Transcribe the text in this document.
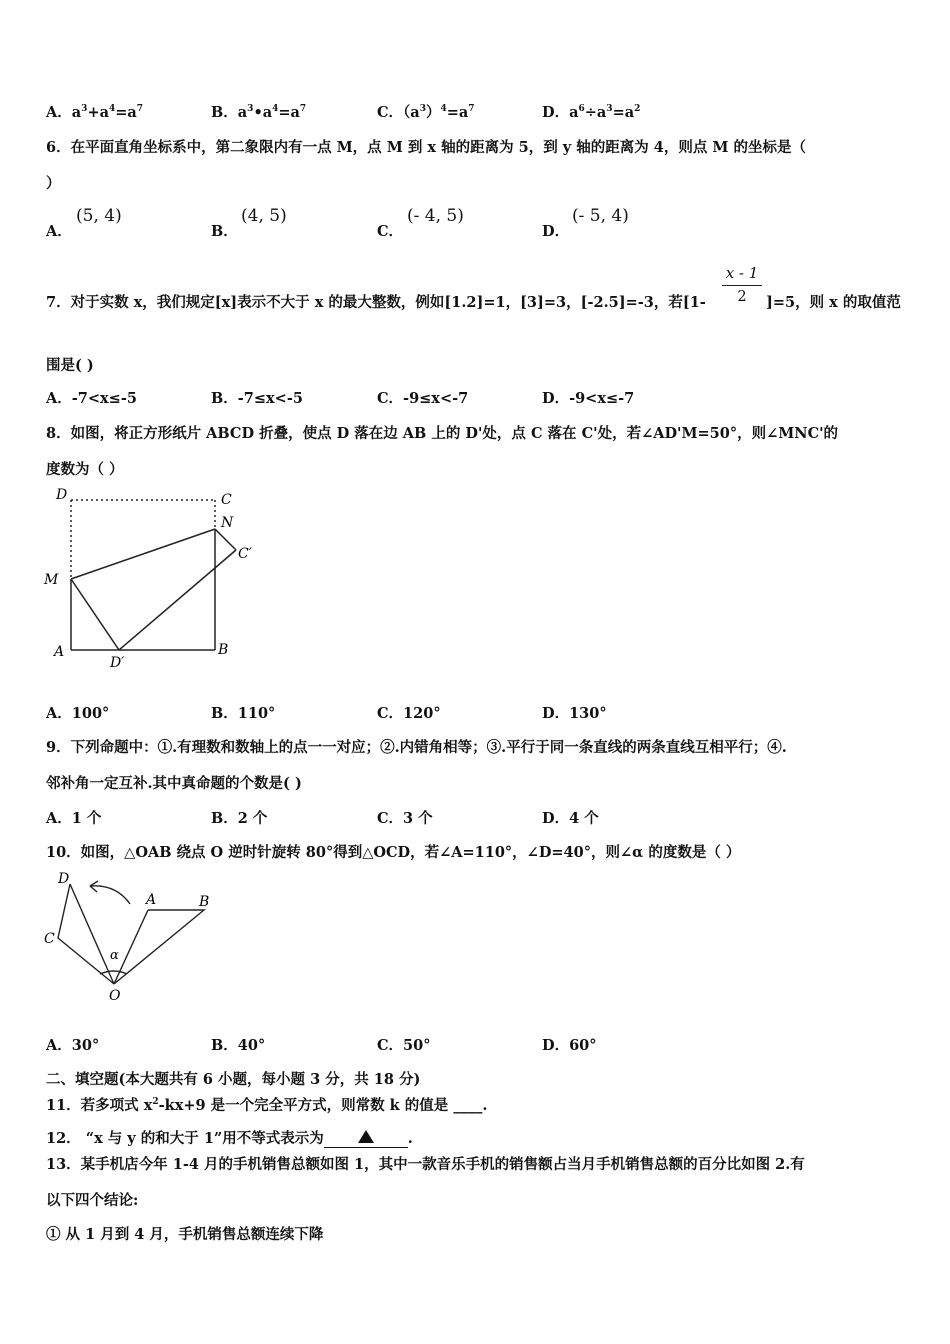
A．$a^3+a^4=a^7$	B．$a^3•a^4=a^7$	C．$(a^3)^4=a^7$	D．$a^6\div a^3=a^2$
6．在平面直角坐标系中，第二象限内有一点 M，点 M 到 x 轴的距离为 5，到 y 轴的距离为 4，则点 M 的坐标是（
）
A．
(5, 4)
B．
(4, 5)
C．
(- 4, 5)
D．
(- 5, 4)
7．对于实数 x，我们规定[x]表示不大于 x 的最大整数，例如[1.2]=1，[3]=3，[-2.5]=-3，若[1-
x - 1
2	]=5，则 x 的取值范
围是( )
A．-7<x≤-5	B．-7≤x<-5	C．-9≤x<-7	D．-9<x≤-7
8．如图，将正方形纸片 ABCD 折叠，使点 D 落在边 AB 上的 D'处，点 C 落在 C'处，若∠AD'M=50°，则∠MNC'的
度数为（ ）
D	C
N
C′
M
A
D′
B
A．100°	B．110°	C．120°	D．130°
9．下列命题中：①.有理数和数轴上的点一一对应；②.内错角相等；③.平行于同一条直线的两条直线互相平行；④.
邻补角一定互补.其中真命题的个数是( )
A．1 个	B．2 个	C．3 个	D．4 个
10．如图，△OAB 绕点 O 逆时针旋转 80°得到△OCD，若∠A=110°，∠D=40°，则∠α 的度数是（ ）
D
A	B
C
α
O
A．30°	B．40°	C．50°	D．60°
二、填空题(本大题共有 6 小题，每小题 3 分，共 18 分)
11．若多项式 $x^2-kx+9$ 是一个完全平方式，则常数 k 的值是 ____.
12． “x 与 y 的和大于 1”用不等式表示为	.
13．某手机店今年 1-4 月的手机销售总额如图 1，其中一款音乐手机的销售额占当月手机销售总额的百分比如图 2.有
以下四个结论:
① 从 1 月到 4 月，手机销售总额连续下降
